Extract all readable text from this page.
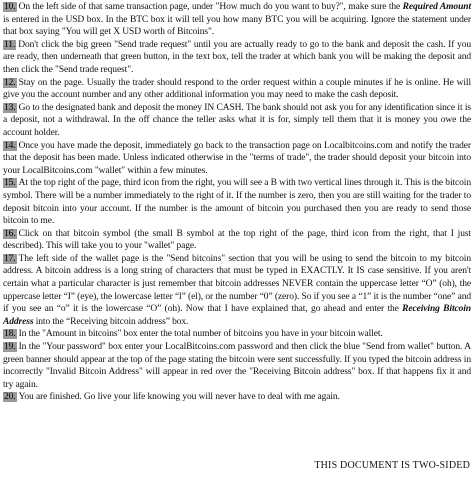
10. On the left side of that same transaction page, under "How much do you want to buy?", make sure the Required Amount is entered in the USD box. In the BTC box it will tell you how many BTC you will be acquiring. Ignore the statement under that box saying "You will get X USD worth of Bitcoins".

11. Don't click the big green "Send trade request" until you are actually ready to go to the bank and deposit the cash. If you are ready, then underneath that green button, in the text box, tell the trader at which bank you will be making the deposit and then click the "Send trade request".

12. Stay on the page. Usually the trader should respond to the order request within a couple minutes if he is online. He will give you the account number and any other additional information you may need to make the cash deposit.

13. Go to the designated bank and deposit the money IN CASH. The bank should not ask you for any identification since it is a deposit, not a withdrawal. In the off chance the teller asks what it is for, simply tell them that it is money you owe the account holder.

14. Once you have made the deposit, immediately go back to the transaction page on Localbitcoins.com and notify the trader that the deposit has been made. Unless indicated otherwise in the "terms of trade", the trader should deposit your bitcoin into your LocalBitcoins.com "wallet" within a few minutes.

15. At the top right of the page, third icon from the right, you will see a B with two vertical lines through it. This is the bitcoin symbol. There will be a number immediately to the right of it. If the number is zero, then you are still waiting for the trader to deposit bitcoin into your account. If the number is the amount of bitcoin you purchased then you are ready to send those bitcoin to me.

16. Click on that bitcoin symbol (the small B symbol at the top right of the page, third icon from the right, that I just described). This will take you to your "wallet" page.

17. The left side of the wallet page is the "Send bitcoins" section that you will be using to send the bitcoin to my bitcoin address. A bitcoin address is a long string of characters that must be typed in EXACTLY. It IS case sensitive. If you aren't certain what a particular character is just remember that bitcoin addresses NEVER contain the uppercase letter “O” (oh), the uppercase letter “I” (eye), the lowercase letter “l” (el), or the number “0” (zero). So if you see a “1” it is the number “one” and if you see an “o” it is the lowercase “O” (oh). Now that I have explained that, go ahead and enter the Receiving Bitcoin Address into the “Receiving bitcoin address” box.

18. In the "Amount in bitcoins" box enter the total number of bitcoins you have in your bitcoin wallet.

19. In the "Your password" box enter your LocalBitcoins.com password and then click the blue "Send from wallet" button. A green banner should appear at the top of the page stating the bitcoin were sent successfully. If you typed the bitcoin address in incorrectly "Invalid Bitcoin Address" will appear in red over the "Receiving Bitcoin address" box. If that happens fix it and try again.

20. You are finished. Go live your life knowing you will never have to deal with me again.

THIS DOCUMENT IS TWO-SIDED
